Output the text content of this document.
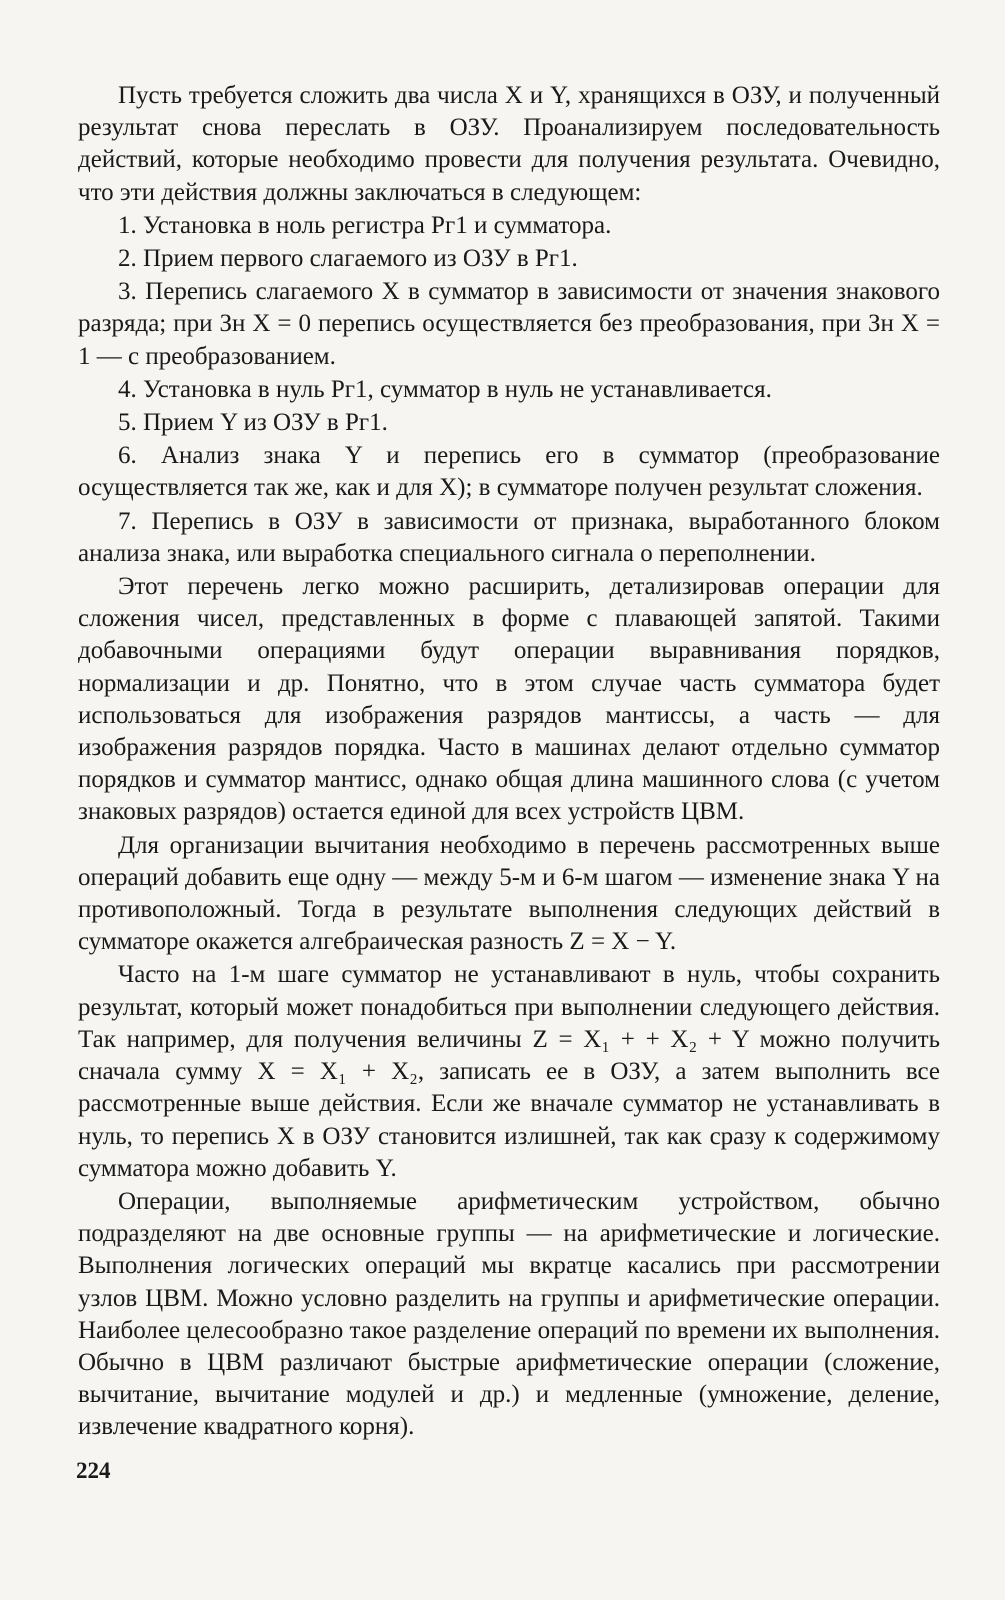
Пусть требуется сложить два числа X и Y, хранящихся в ОЗУ, и полученный результат снова переслать в ОЗУ. Проанализируем последовательность действий, которые необходимо провести для получения результата. Очевидно, что эти действия должны заключаться в следующем:

1. Установка в ноль регистра Рг1 и сумматора.

2. Прием первого слагаемого из ОЗУ в Рг1.

3. Перепись слагаемого X в сумматор в зависимости от значения знакового разряда; при Зн X = 0 перепись осуществляется без преобразования, при Зн X = 1 — с преобразованием.

4. Установка в нуль Рг1, сумматор в нуль не устанавливается.

5. Прием Y из ОЗУ в Рг1.

6. Анализ знака Y и перепись его в сумматор (преобразование осуществляется так же, как и для X); в сумматоре получен результат сложения.

7. Перепись в ОЗУ в зависимости от признака, выработанного блоком анализа знака, или выработка специального сигнала о переполнении.

Этот перечень легко можно расширить, детализировав операции для сложения чисел, представленных в форме с плавающей запятой. Такими добавочными операциями будут операции выравнивания порядков, нормализации и др. Понятно, что в этом случае часть сумматора будет использоваться для изображения разрядов мантиссы, а часть — для изображения разрядов порядка. Часто в машинах делают отдельно сумматор порядков и сумматор мантисс, однако общая длина машинного слова (с учетом знаковых разрядов) остается единой для всех устройств ЦВМ.

Для организации вычитания необходимо в перечень рассмотренных выше операций добавить еще одну — между 5-м и 6-м шагом — изменение знака Y на противоположный. Тогда в результате выполнения следующих действий в сумматоре окажется алгебраическая разность Z = X − Y.

Часто на 1-м шаге сумматор не устанавливают в нуль, чтобы сохранить результат, который может понадобиться при выполнении следующего действия. Так например, для получения величины Z = X₁ + + X₂ + Y можно получить сначала сумму X = X₁ + X₂, записать ее в ОЗУ, а затем выполнить все рассмотренные выше действия. Если же вначале сумматор не устанавливать в нуль, то перепись X в ОЗУ становится излишней, так как сразу к содержимому сумматора можно добавить Y.

Операции, выполняемые арифметическим устройством, обычно подразделяют на две основные группы — на арифметические и логические. Выполнения логических операций мы вкратце касались при рассмотрении узлов ЦВМ. Можно условно разделить на группы и арифметические операции. Наиболее целесообразно такое разделение операций по времени их выполнения. Обычно в ЦВМ различают быстрые арифметические операции (сложение, вычитание, вычитание модулей и др.) и медленные (умножение, деление, извлечение квадратного корня).

224
